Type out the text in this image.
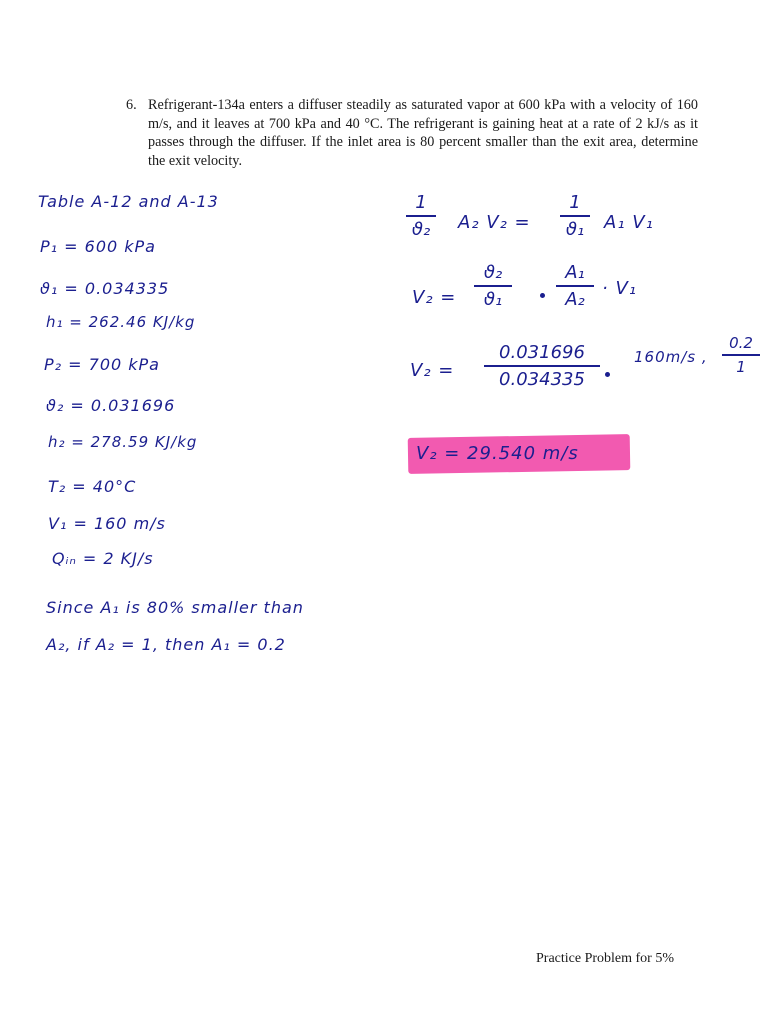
6. Refrigerant-134a enters a diffuser steadily as saturated vapor at 600 kPa with a velocity of 160 m/s, and it leaves at 700 kPa and 40 °C. The refrigerant is gaining heat at a rate of 2 kJ/s as it passes through the diffuser. If the inlet area is 80 percent smaller than the exit area, determine the exit velocity.
Table A-12 and A-13
P₁ = 600 kPa
ϑ₁ = 0.034335
h₁ = 262.46 KJ/kg
P₂ = 700 kPa
ϑ₂ = 0.031696
h₂ = 278.59 KJ/kg
T₂ = 40°C
V₁ = 160 m/s
Qᵢₙ = 2 KJ/s
Since A₁ is 80% smaller than
A₂, if A₂ = 1, then A₁ = 0.2
1
ϑ₂	A₂ V₂ =
1
ϑ₁	A₁ V₁
V₂ =
ϑ₂
ϑ₁
A₁
A₂
· V₁
V₂ =
0.031696
0.034335
160m/s ,
0.2
1
V₂ = 29.540 m/s
Practice Problem for 5%
